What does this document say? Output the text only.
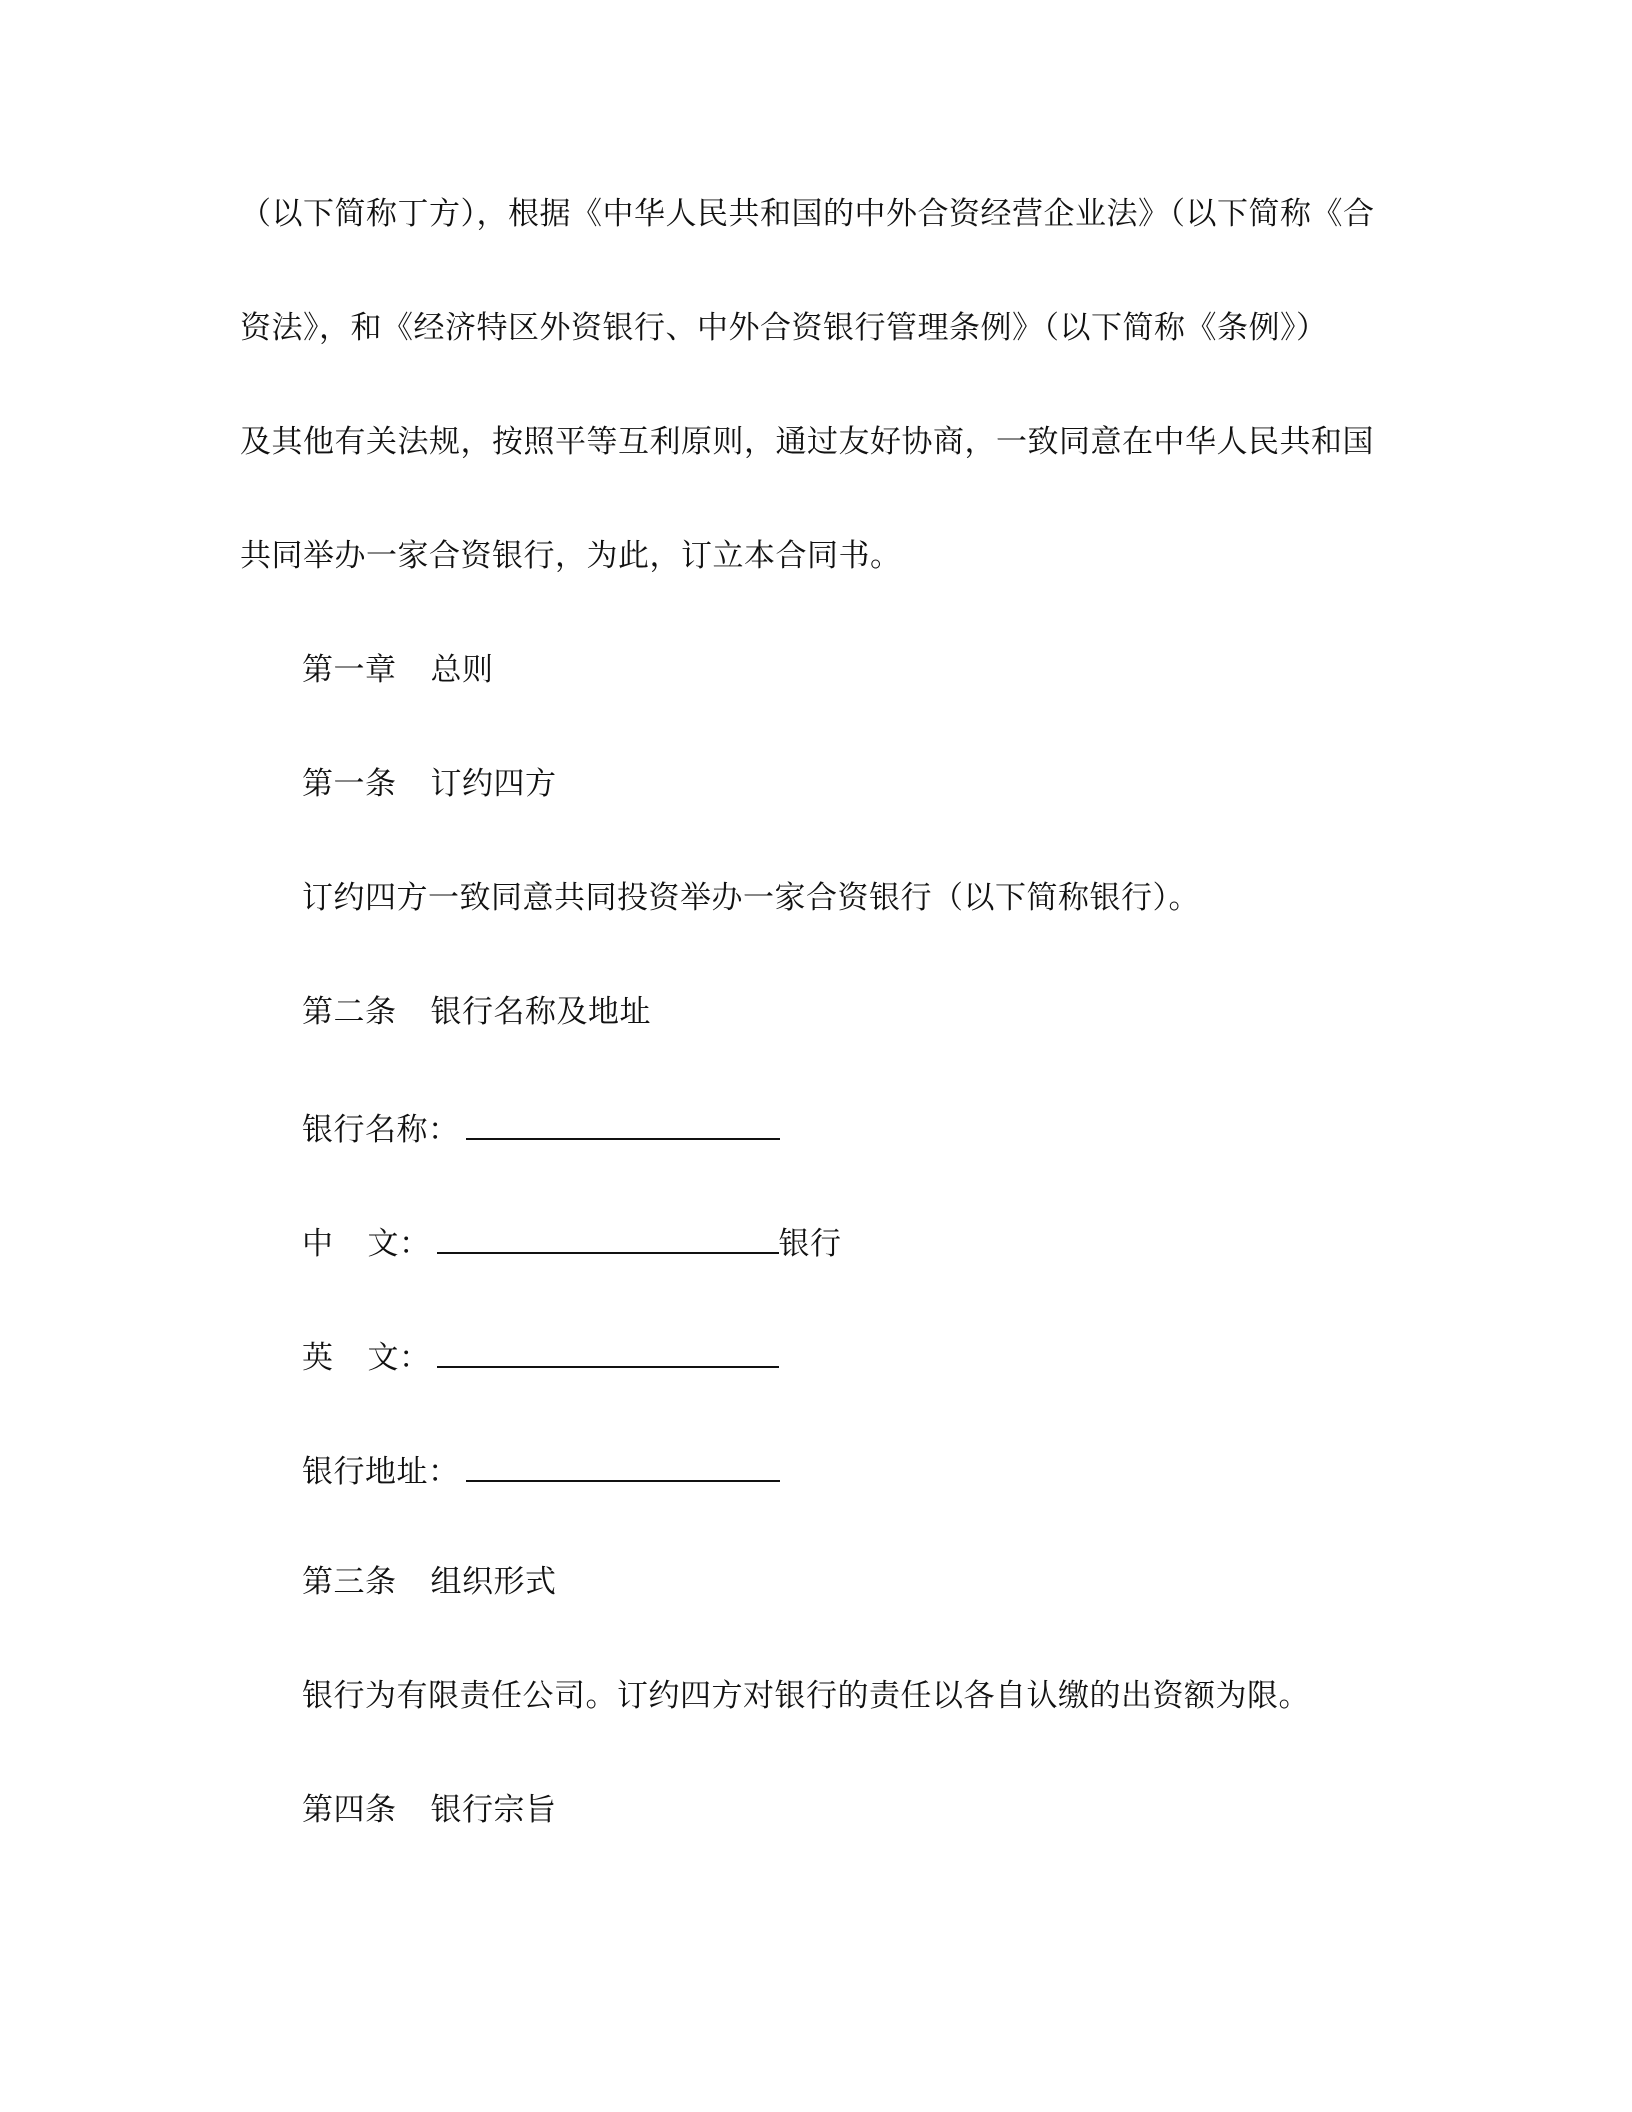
（以下简称丁方），根据《中华人民共和国的中外合资经营企业法》（以下简称《合
资法》，和《经济特区外资银行、中外合资银行管理条例》（以下简称《条例》）
及其他有关法规，按照平等互利原则，通过友好协商，一致同意在中华人民共和国
共同举办一家合资银行，为此，订立本合同书。
第一章 总则
第一条 订约四方
订约四方一致同意共同投资举办一家合资银行（以下简称银行）。
第二条 银行名称及地址
银行名称：
中 文：	银行
英 文：
银行地址：
第三条 组织形式
银行为有限责任公司。订约四方对银行的责任以各自认缴的出资额为限。
第四条 银行宗旨
